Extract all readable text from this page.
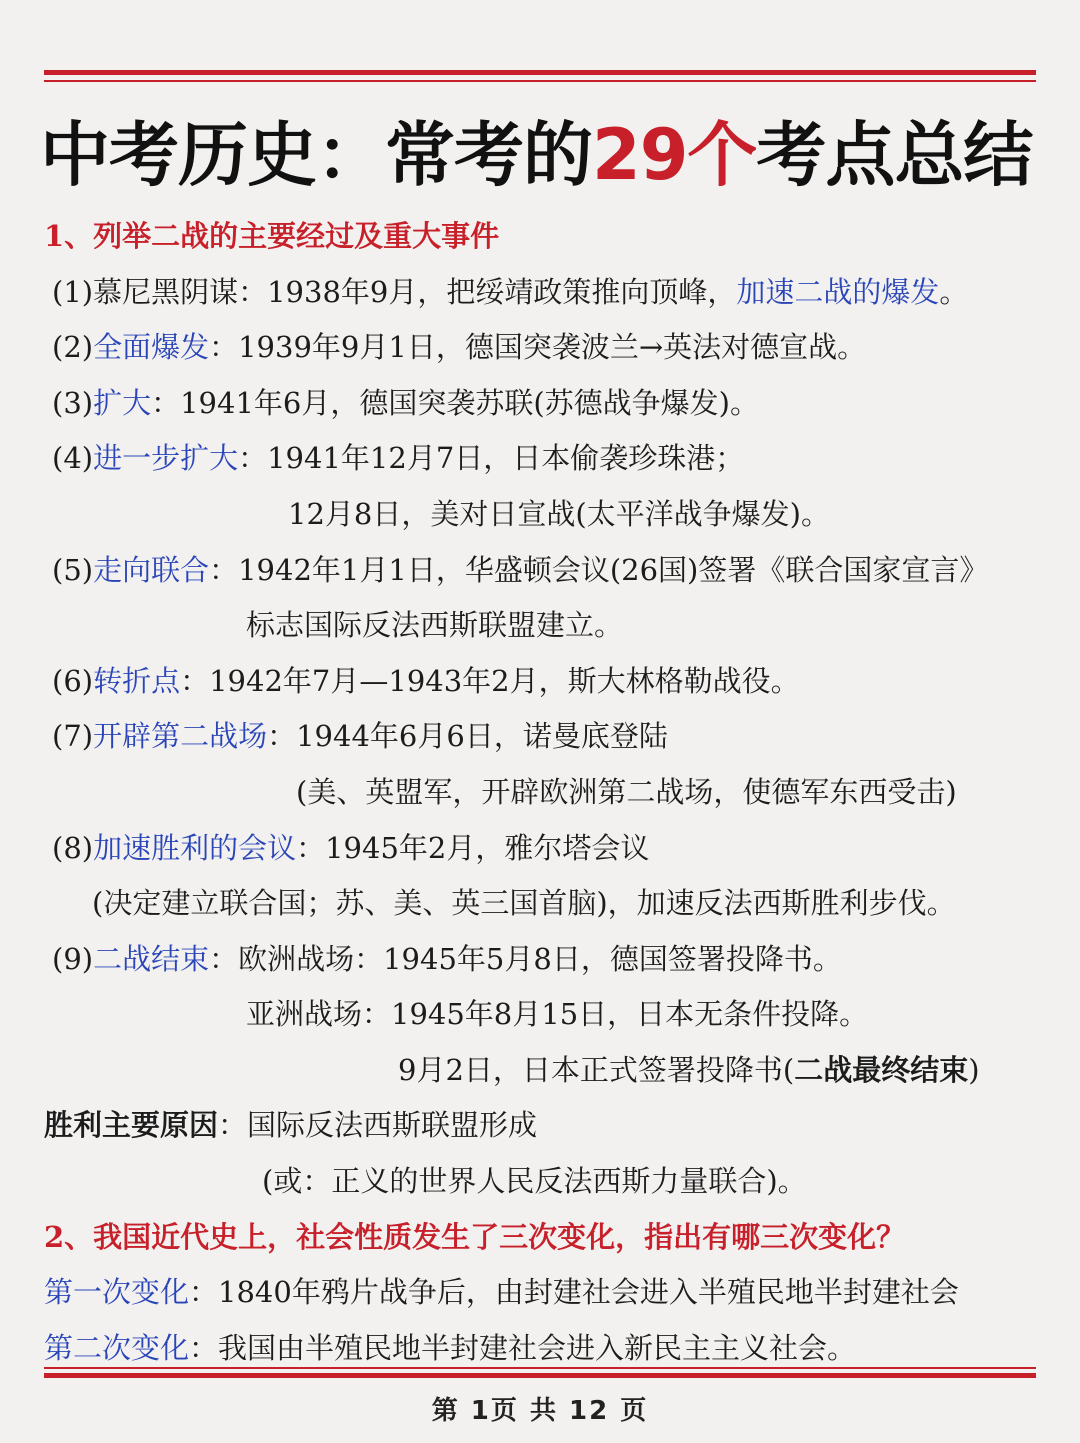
中考历史：常考的29个考点总结
1、列举二战的主要经过及重大事件
(1)慕尼黑阴谋：1938年9月，把绥靖政策推向顶峰，加速二战的爆发。
(2)全面爆发：1939年9月1日，德国突袭波兰→英法对德宣战。
(3)扩大：1941年6月，德国突袭苏联(苏德战争爆发)。
(4)进一步扩大：1941年12月7日，日本偷袭珍珠港；
12月8日，美对日宣战(太平洋战争爆发)。
(5)走向联合：1942年1月1日，华盛顿会议(26国)签署《联合国家宣言》
标志国际反法西斯联盟建立。
(6)转折点：1942年7月—1943年2月，斯大林格勒战役。
(7)开辟第二战场：1944年6月6日，诺曼底登陆
(美、英盟军，开辟欧洲第二战场，使德军东西受击)
(8)加速胜利的会议：1945年2月，雅尔塔会议
(决定建立联合国；苏、美、英三国首脑)，加速反法西斯胜利步伐。
(9)二战结束：欧洲战场：1945年5月8日，德国签署投降书。
亚洲战场：1945年8月15日，日本无条件投降。
9月2日，日本正式签署投降书(二战最终结束)
胜利主要原因：国际反法西斯联盟形成
(或：正义的世界人民反法西斯力量联合)。
2、我国近代史上，社会性质发生了三次变化，指出有哪三次变化？
第一次变化：1840年鸦片战争后，由封建社会进入半殖民地半封建社会
第二次变化：我国由半殖民地半封建社会进入新民主主义社会。
第 1页 共 12 页
